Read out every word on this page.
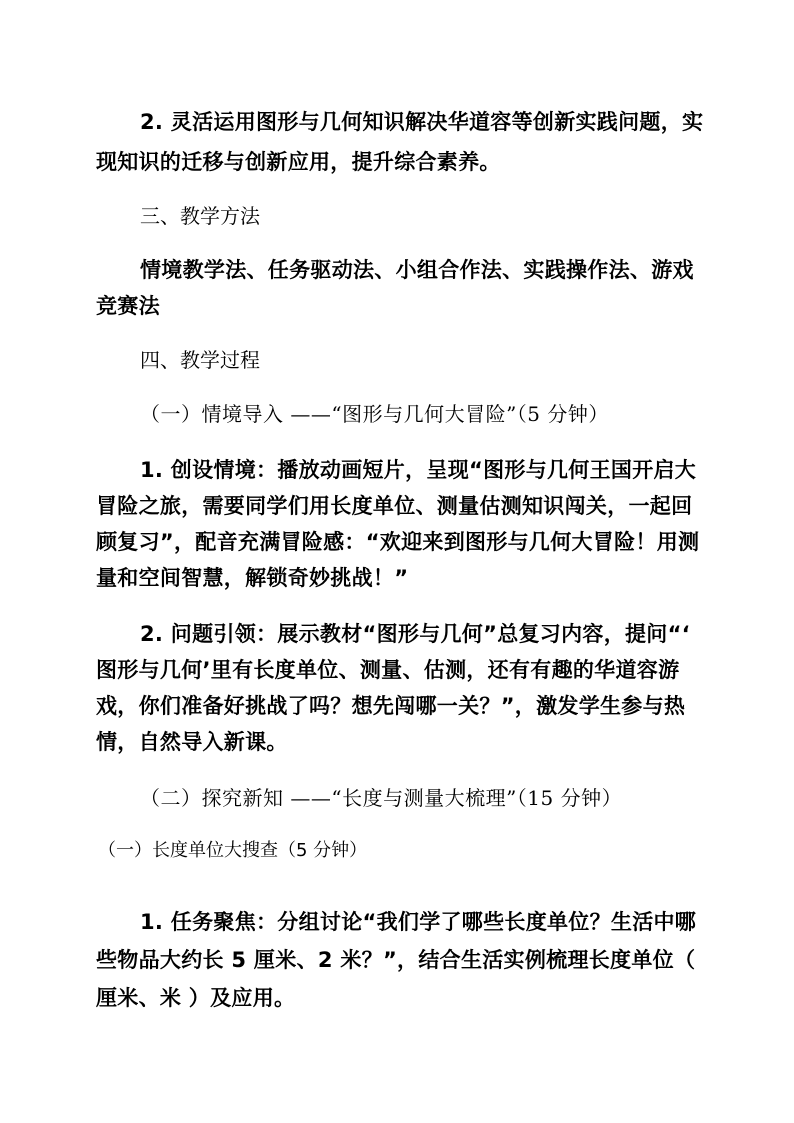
2. 灵活运用图形与几何知识解决华道容等创新实践问题，实

现知识的迁移与创新应用，提升综合素养。

三、教学方法

情境教学法、任务驱动法、小组合作法、实践操作法、游戏

竞赛法

四、教学过程

（一）情境导入 ——“图形与几何大冒险”（5 分钟）

1. 创设情境：播放动画短片，呈现“图形与几何王国开启大

冒险之旅，需要同学们用长度单位、测量估测知识闯关，一起回

顾复习”，配音充满冒险感：“欢迎来到图形与几何大冒险！用测

量和空间智慧，解锁奇妙挑战！”

2. 问题引领：展示教材“图形与几何”总复习内容，提问“‘

图形与几何’里有长度单位、测量、估测，还有有趣的华道容游

戏，你们准备好挑战了吗？想先闯哪一关？”，激发学生参与热

情，自然导入新课。

（二）探究新知 ——“长度与测量大梳理”（15 分钟）

（一）长度单位大搜查（5 分钟）

1. 任务聚焦：分组讨论“我们学了哪些长度单位？生活中哪

些物品大约长 5 厘米、2 米？”，结合生活实例梳理长度单位（

厘米、米 ）及应用。
